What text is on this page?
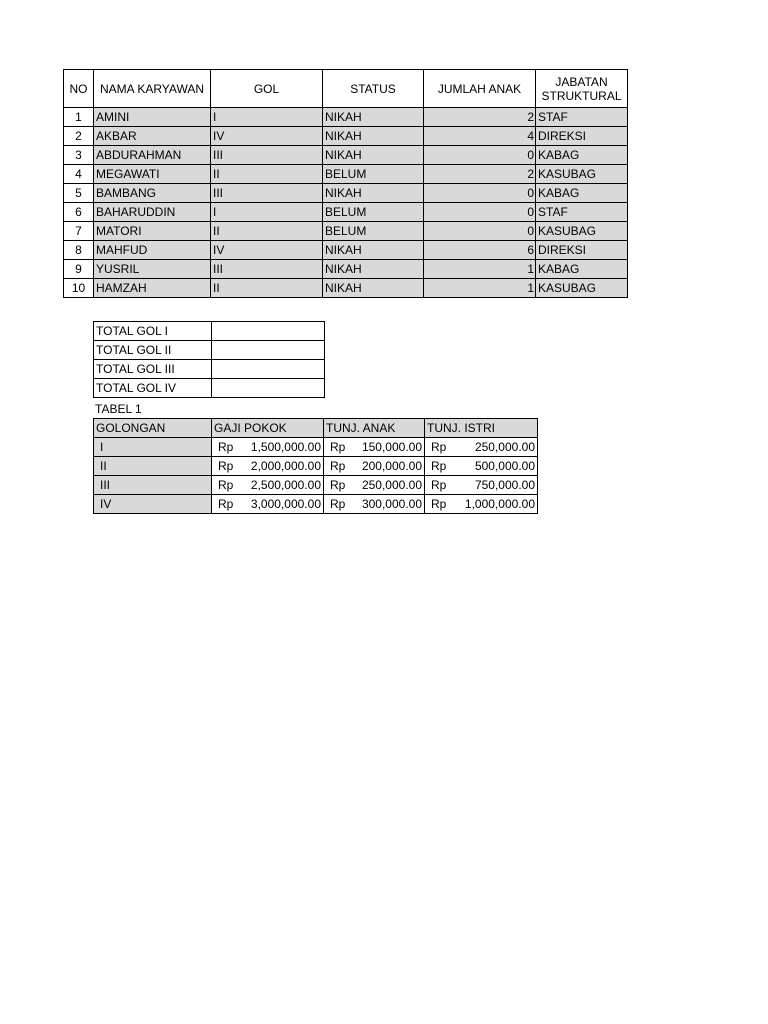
NO	NAMA KARYAWAN	GOL	STATUS	JUMLAH ANAK	JABATAN
STRUKTURAL
1	AMINI	I	NIKAH	2	STAF
2	AKBAR	IV	NIKAH	4	DIREKSI
3	ABDURAHMAN	III	NIKAH	0	KABAG
4	MEGAWATI	II	BELUM	2	KASUBAG
5	BAMBANG	III	NIKAH	0	KABAG
6	BAHARUDDIN	I	BELUM	0	STAF
7	MATORI	II	BELUM	0	KASUBAG
8	MAHFUD	IV	NIKAH	6	DIREKSI
9	YUSRIL	III	NIKAH	1	KABAG
10	HAMZAH	II	NIKAH	1	KASUBAG
TOTAL GOL I	
TOTAL GOL II	
TOTAL GOL III	
TOTAL GOL IV	
TABEL 1
GOLONGAN	GAJI POKOK	TUNJ. ANAK	TUNJ. ISTRI
I	Rp 1,500,000.00	Rp 150,000.00	Rp 250,000.00

II	Rp 2,000,000.00	Rp 200,000.00	Rp 500,000.00

III	Rp 2,500,000.00	Rp 250,000.00	Rp 750,000.00

IV	Rp 3,000,000.00	Rp 300,000.00	Rp 1,000,000.00
